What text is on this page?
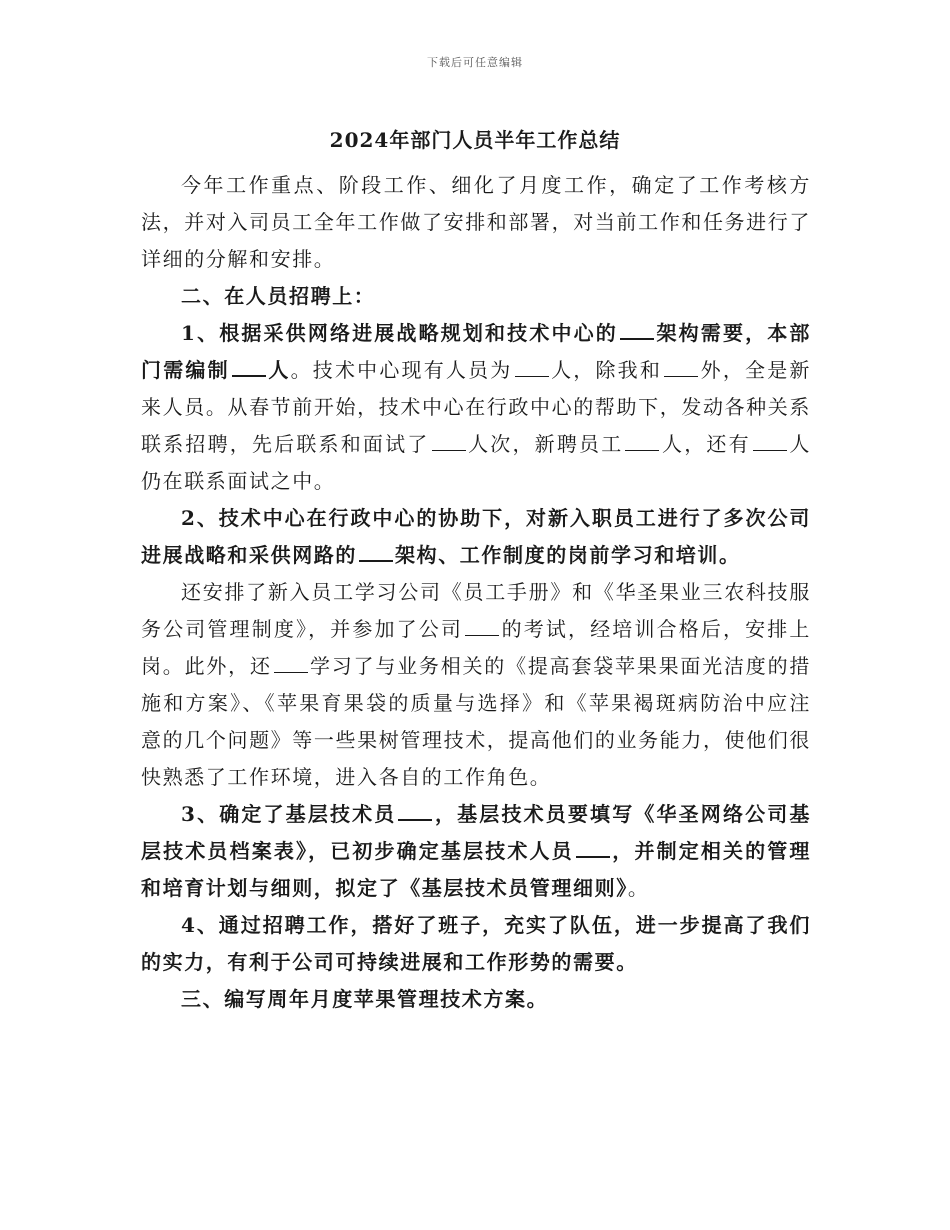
下载后可任意编辑
2024年部门人员半年工作总结

今年工作重点、阶段工作、细化了月度工作，确定了工作考核方法，并对入司员工全年工作做了安排和部署，对当前工作和任务进行了详细的分解和安排。

二、在人员招聘上：

1、根据采供网络进展战略规划和技术中心的 架构需要，本部门需编制 人。技术中心现有人员为 人，除我和 外，全是新来人员。从春节前开始，技术中心在行政中心的帮助下，发动各种关系联系招聘，先后联系和面试了 人次，新聘员工 人，还有 人仍在联系面试之中。

2、技术中心在行政中心的协助下，对新入职员工进行了多次公司进展战略和采供网路的 架构、工作制度的岗前学习和培训。

还安排了新入员工学习公司《员工手册》和《华圣果业三农科技服务公司管理制度》，并参加了公司 的考试，经培训合格后，安排上岗。此外，还 学习了与业务相关的《提高套袋苹果果面光洁度的措施和方案》、《苹果育果袋的质量与选择》和《苹果褐斑病防治中应注意的几个问题》等一些果树管理技术，提高他们的业务能力，使他们很快熟悉了工作环境，进入各自的工作角色。

3、确定了基层技术员 ，基层技术员要填写《华圣网络公司基层技术员档案表》，已初步确定基层技术人员 ，并制定相关的管理和培育计划与细则，拟定了《基层技术员管理细则》。

4、通过招聘工作，搭好了班子，充实了队伍，进一步提高了我们的实力，有利于公司可持续进展和工作形势的需要。

三、编写周年月度苹果管理技术方案。
